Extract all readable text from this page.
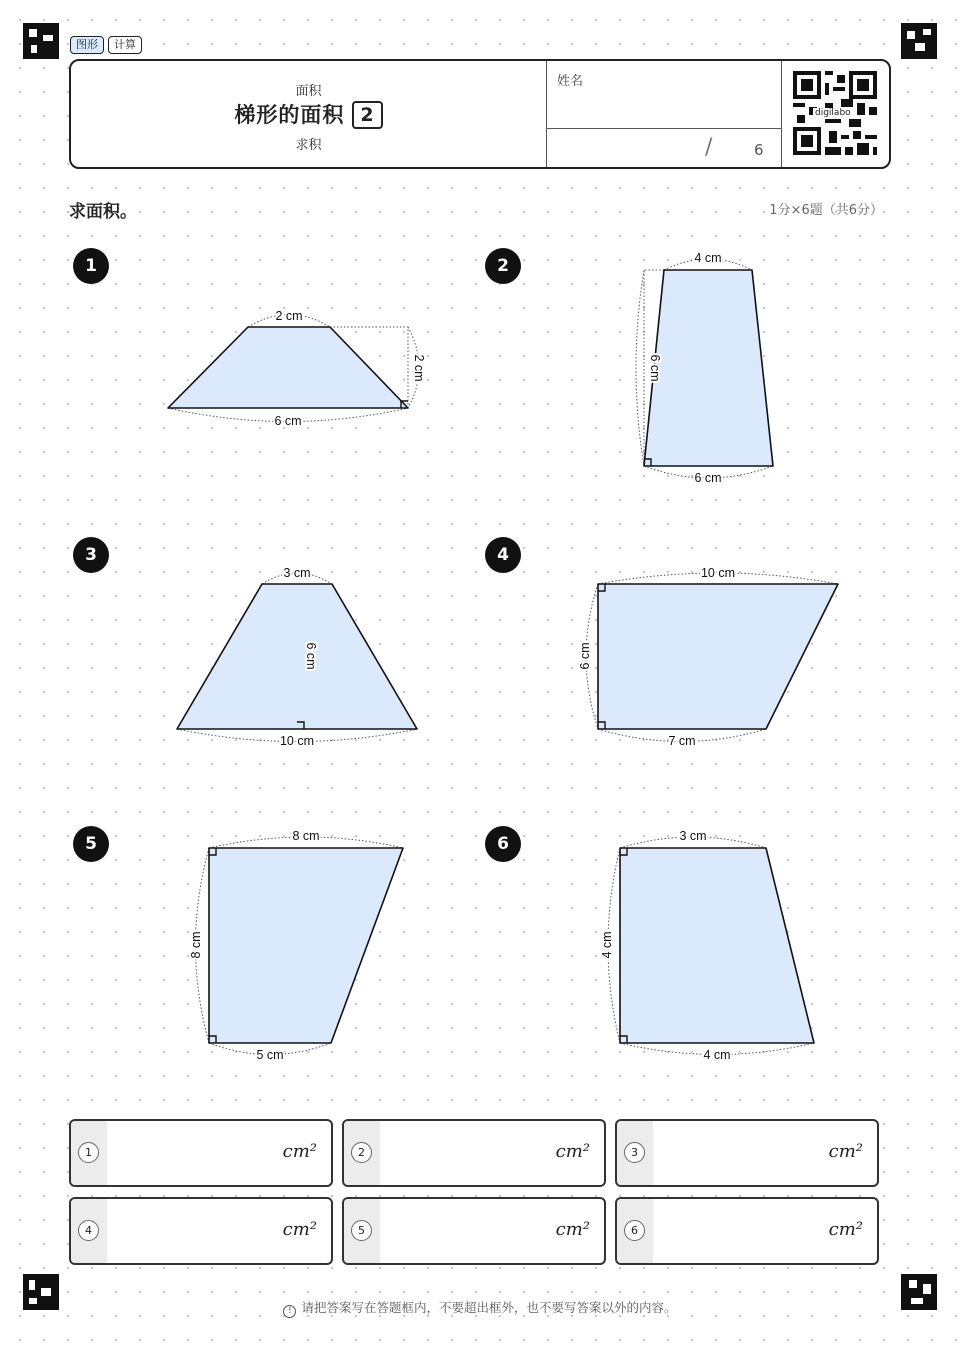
图形	计算
面积
梯形的面积 2
求积
姓名
/	6
digilabo
求面积。	1分×6题（共6分）
1	2
3	4
5	6
2 cm
2 cm
6 cm
4 cm
6 cm
6 cm
3 cm
6 cm
10 cm
10 cm
6 cm
7 cm
8 cm
8 cm
5 cm
3 cm
4 cm
4 cm
1	cm²	2	cm²	3	cm²
4	cm²	5	cm²	6	cm²
! 请把答案写在答题框内，不要超出框外，也不要写答案以外的内容。
